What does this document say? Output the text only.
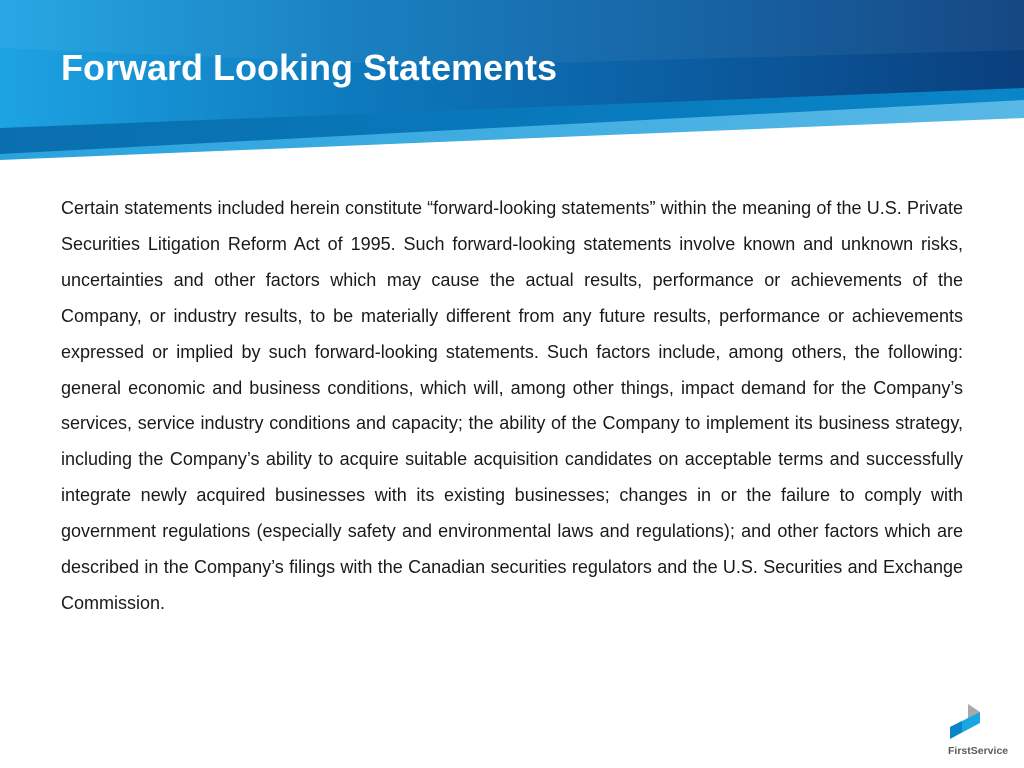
Forward Looking Statements

Certain statements included herein constitute “forward-looking statements” within the meaning of the U.S. Private Securities Litigation Reform Act of 1995. Such forward-looking statements involve known and unknown risks, uncertainties and other factors which may cause the actual results, performance or achievements of the Company, or industry results, to be materially different from any future results, performance or achievements expressed or implied by such forward-looking statements. Such factors include, among others, the following: general economic and business conditions, which will, among other things, impact demand for the Company’s services, service industry conditions and capacity; the ability of the Company to implement its business strategy, including the Company’s ability to acquire suitable acquisition candidates on acceptable terms and successfully integrate newly acquired businesses with its existing businesses; changes in or the failure to comply with government regulations (especially safety and environmental laws and regulations); and other factors which are described in the Company’s filings with the Canadian securities regulators and the U.S. Securities and Exchange Commission.

FirstService
